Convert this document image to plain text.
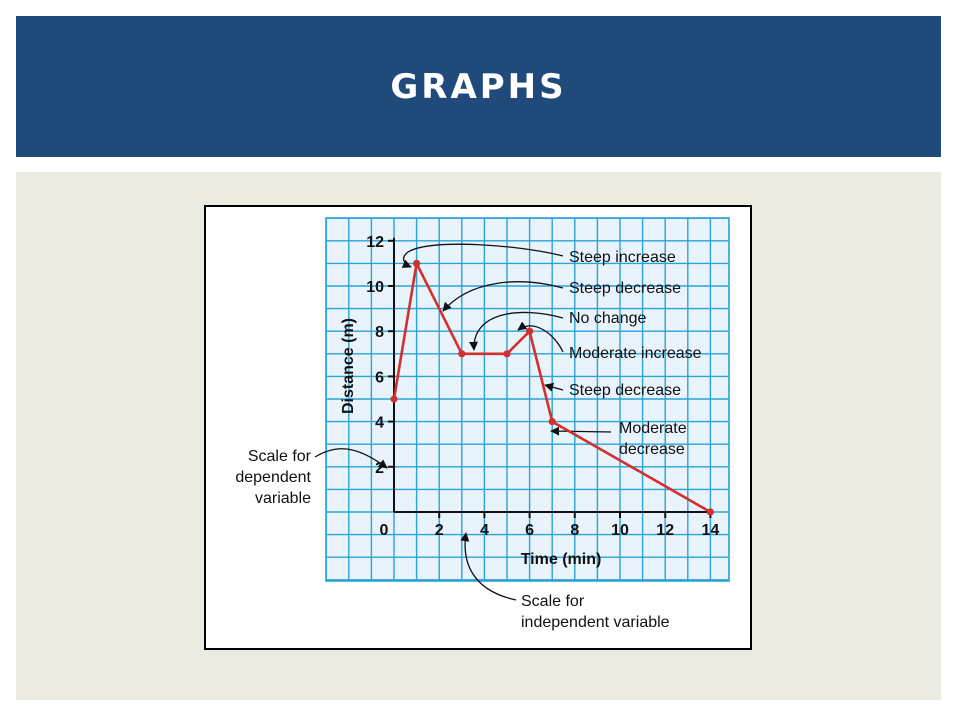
GRAPHS
2
4
6
8
10
12
0	2 4 6 8 10 12 14
Time (min)
Distance (m)
Steep increase
Steep decrease
No change
Moderate increase
Steep decrease
Moderate
decrease
Scale for
dependent
variable
Scale for
independent variable
